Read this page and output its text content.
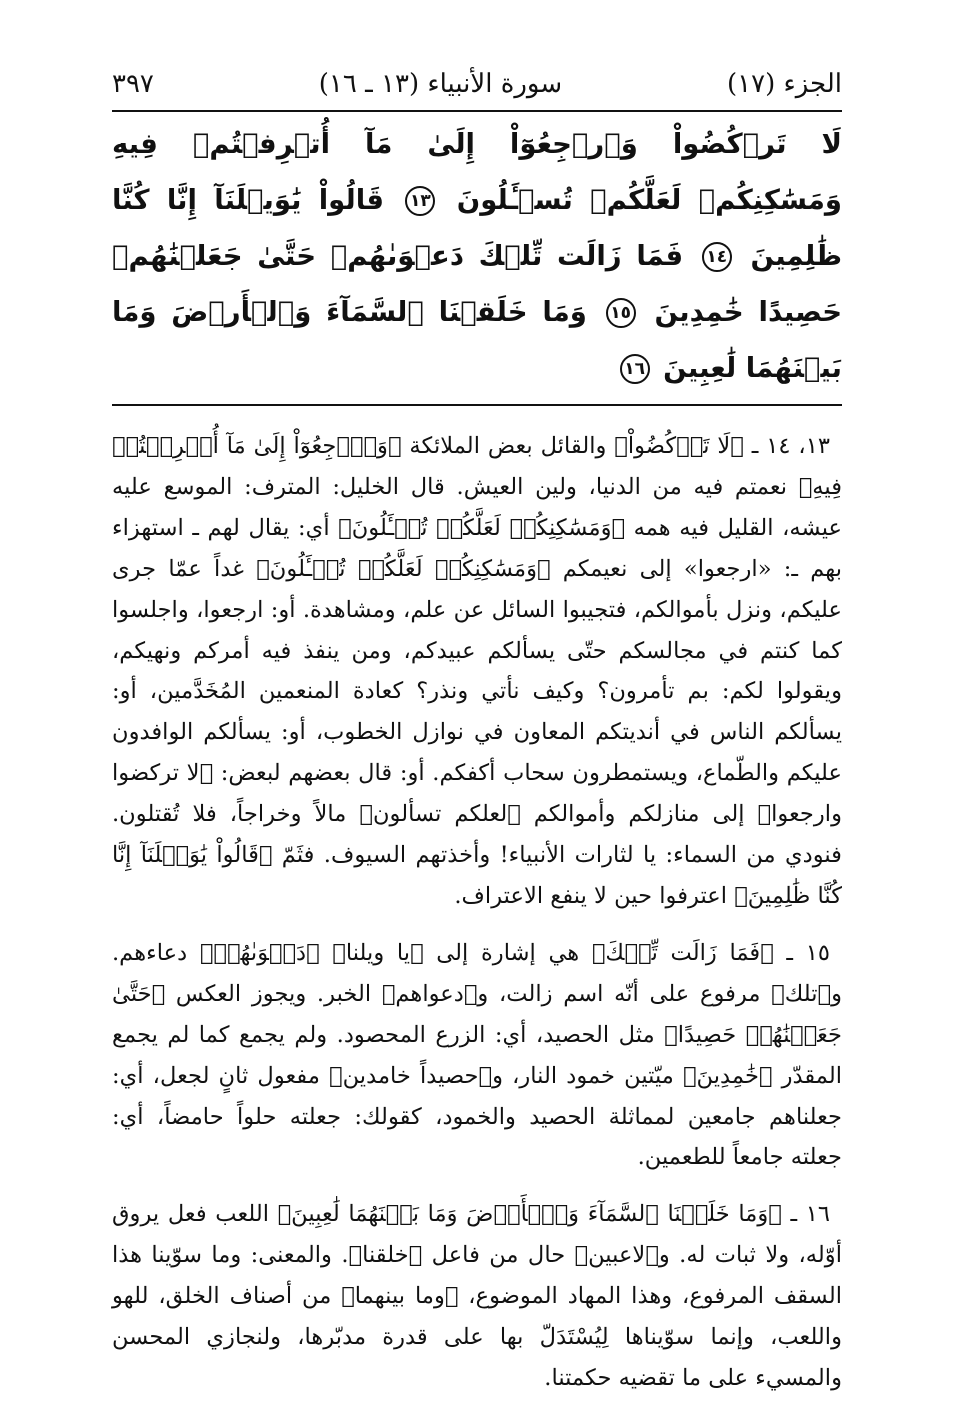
الجزء (١٧)
سورة الأنبياء (١٣ ـ ١٦)
٣٩٧
لَا تَرۡكُضُواْ وَٱرۡجِعُوٓاْ إِلَىٰ مَآ أُتۡرِفۡتُمۡ فِيهِ وَمَسَٰكِنِكُمۡ لَعَلَّكُمۡ تُسۡـَٔلُونَ ١٣ قَالُواْ يَٰوَيۡلَنَآ إِنَّا كُنَّا ظَٰلِمِينَ ١٤ فَمَا زَالَت تِّلۡكَ دَعۡوَىٰهُمۡ حَتَّىٰ جَعَلۡنَٰهُمۡ حَصِيدًا خَٰمِدِينَ ١٥ وَمَا خَلَقۡنَا ٱلسَّمَآءَ وَٱلۡأَرۡضَ وَمَا بَيۡنَهُمَا لَٰعِبِينَ ١٦

١٣، ١٤ ـ ﴿لَا تَرۡكُضُواْ﴾ والقائل بعض الملائكة ﴿وَٱرۡجِعُوٓاْ إِلَىٰ مَآ أُتۡرِفۡتُمۡ فِيهِ﴾ نعمتم فيه من الدنيا، ولين العيش. قال الخليل: المترف: الموسع عليه عيشه، القليل فيه همه ﴿وَمَسَٰكِنِكُمۡ لَعَلَّكُمۡ تُسۡـَٔلُونَ﴾ أي: يقال لهم ـ استهزاء بهم ـ: «ارجعوا» إلى نعيمكم ﴿وَمَسَٰكِنِكُمۡ لَعَلَّكُمۡ تُسۡـَٔلُونَ﴾ غداً عمّا جرى عليكم، ونزل بأموالكم، فتجيبوا السائل عن علم، ومشاهدة. أو: ارجعوا، واجلسوا كما كنتم في مجالسكم حتّى يسألكم عبيدكم، ومن ينفذ فيه أمركم ونهيكم، ويقولوا لكم: بم تأمرون؟ وكيف نأتي ونذر؟ كعادة المنعمين المُخَدَّمين، أو: يسألكم الناس في أنديتكم المعاون في نوازل الخطوب، أو: يسألكم الوافدون عليكم والطّماع، ويستمطرون سحاب أكفكم. أو: قال بعضهم لبعض: ﴿لا تركضوا وارجعوا﴾ إلى منازلكم وأموالكم ﴿لعلكم تسألون﴾ مالاً وخراجاً، فلا تُقتلون. فنودي من السماء: يا لثارات الأنبياء! وأخذتهم السيوف. فثَمّ ﴿قَالُواْ يَٰوَيۡلَنَآ إِنَّا كُنَّا ظَٰلِمِينَ﴾ اعترفوا حين لا ينفع الاعتراف.

١٥ ـ ﴿فَمَا زَالَت تِّلۡكَ﴾ هي إشارة إلى ﴿يا ويلنا﴾ ﴿دَعۡوَىٰهُمۡ﴾ دعاءهم. و﴿تلك﴾ مرفوع على أنّه اسم زالت، و﴿دعواهم﴾ الخبر. ويجوز العكس ﴿حَتَّىٰ جَعَلۡنَٰهُمۡ حَصِيدًا﴾ مثل الحصيد، أي: الزرع المحصود. ولم يجمع كما لم يجمع المقدّر ﴿خَٰمِدِينَ﴾ ميّتين خمود النار، و﴿حصيداً خامدين﴾ مفعول ثانٍ لجعل، أي: جعلناهم جامعين لمماثلة الحصيد والخمود، كقولك: جعلته حلواً حامضاً، أي: جعلته جامعاً للطعمين.

١٦ ـ ﴿وَمَا خَلَقۡنَا ٱلسَّمَآءَ وَٱلۡأَرۡضَ وَمَا بَيۡنَهُمَا لَٰعِبِينَ﴾ اللعب فعل يروق أوّله، ولا ثبات له. و﴿لاعبين﴾ حال من فاعل ﴿خلقنا﴾. والمعنى: وما سوّينا هذا السقف المرفوع، وهذا المهاد الموضوع، ﴿وما بينهما﴾ من أصناف الخلق، للهو واللعب، وإنما سوّيناها لِيُسْتَدَلّ بها على قدرة مدبّرها، ولنجازي المحسن والمسيء على ما تقضيه حكمتنا.
